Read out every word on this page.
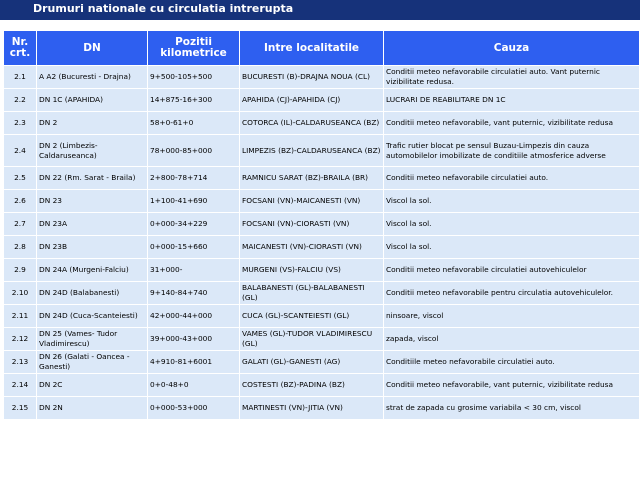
Drumuri nationale cu circulatia intrerupta
Nr. crt.	DN	Pozitii kilometrice	Intre localitatile	Cauza
2.1	A A2 (Bucuresti - Drajna)	9+500-105+500	BUCURESTI (B)-DRAJNA NOUA (CL)	Conditii meteo nefavorabile circulatiei auto. Vant puternic vizibilitate redusa.
2.2	DN 1C (APAHIDA)	14+875-16+300	APAHIDA (CJ)-APAHIDA (CJ)	LUCRARI DE REABILITARE DN 1C
2.3	DN 2	58+0-61+0	COTORCA (IL)-CALDARUSEANCA (BZ)	Conditii meteo nefavorabile, vant puternic, vizibilitate redusa
2.4	DN 2 (Limbezis-Caldaruseanca)	78+000-85+000	LIMPEZIS (BZ)-CALDARUSEANCA (BZ)	Trafic rutier blocat pe sensul Buzau-Limpezis din cauza automobilelor imobilizate de conditiile atmosferice adverse
2.5	DN 22 (Rm. Sarat - Braila)	2+800-78+714	RAMNICU SARAT (BZ)-BRAILA (BR)	Conditii meteo nefavorabile circulatiei auto.
2.6	DN 23	1+100-41+690	FOCSANI (VN)-MAICANESTI (VN)	Viscol la sol.
2.7	DN 23A	0+000-34+229	FOCSANI (VN)-CIORASTI (VN)	Viscol la sol.
2.8	DN 23B	0+000-15+660	MAICANESTI (VN)-CIORASTI (VN)	Viscol la sol.
2.9	DN 24A (Murgeni-Falciu)	31+000-	MURGENI (VS)-FALCIU (VS)	Conditii meteo nefavorabile circulatiei autovehiculelor
2.10	DN 24D (Balabanesti)	9+140-84+740	BALABANESTI (GL)-BALABANESTI (GL)	Conditii meteo nefavorabile pentru circulatia autovehiculelor.
2.11	DN 24D (Cuca-Scanteiesti)	42+000-44+000	CUCA (GL)-SCANTEIESTI (GL)	ninsoare, viscol
2.12	DN 25 (Vames- Tudor Vladimirescu)	39+000-43+000	VAMES (GL)-TUDOR VLADIMIRESCU (GL)	zapada, viscol
2.13	DN 26 (Galati - Oancea - Ganesti)	4+910-81+6001	GALATI (GL)-GANESTI (AG)	Conditiile meteo nefavorabile circulatiei auto.
2.14	DN 2C	0+0-48+0	COSTESTI (BZ)-PADINA (BZ)	Conditii meteo nefavorabile, vant puternic, vizibilitate redusa
2.15	DN 2N	0+000-53+000	MARTINESTI (VN)-JITIA (VN)	strat de zapada cu grosime variabila < 30 cm, viscol
